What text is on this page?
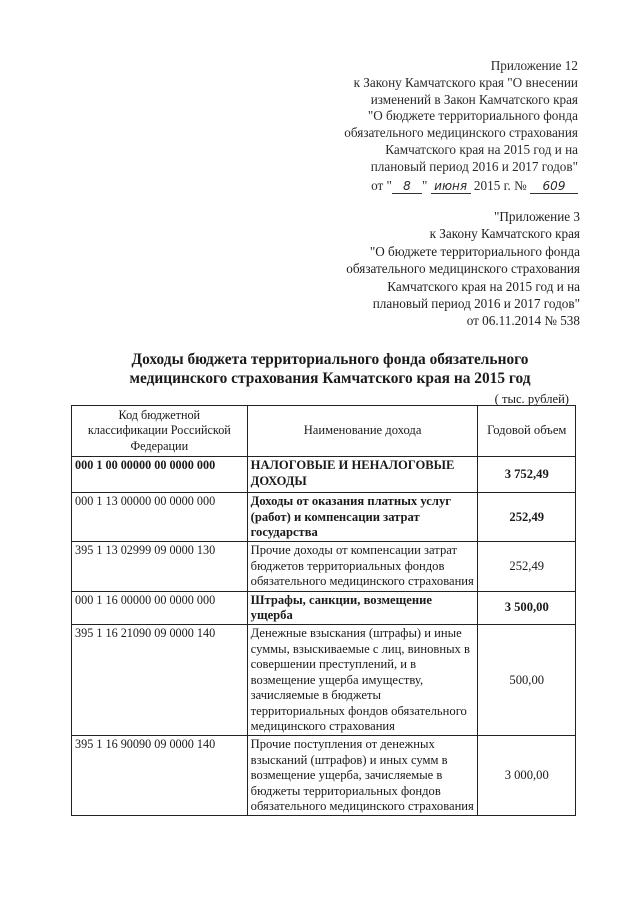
Приложение 12
к Закону Камчатского края "О внесении
изменений в Закон Камчатского края
"О бюджете территориального фонда
обязательного медицинского страхования
Камчатского края на 2015 год и на
плановый период 2016 и 2017 годов"
от " 8 " июня 2015 г. № 609
"Приложение 3
к Закону Камчатского края
"О бюджете территориального фонда
обязательного медицинского страхования
Камчатского края на 2015 год и на
плановый период 2016 и 2017 годов"
от 06.11.2014 № 538
Доходы бюджета территориального фонда обязательного
медицинского страхования Камчатского края на 2015 год
( тыс. рублей)
Код бюджетной классификации Российской Федерации	Наименование дохода	Годовой объем
000 1 00 00000 00 0000 000	НАЛОГОВЫЕ И НЕНАЛОГОВЫЕ ДОХОДЫ	3 752,49
000 1 13 00000 00 0000 000	Доходы от оказания платных услуг (работ) и компенсации затрат государства	252,49
395 1 13 02999 09 0000 130	Прочие доходы от компенсации затрат бюджетов территориальных фондов обязательного медицинского страхования	252,49
000 1 16 00000 00 0000 000	Штрафы, санкции, возмещение ущерба	3 500,00
395 1 16 21090 09 0000 140	Денежные взыскания (штрафы) и иные суммы, взыскиваемые с лиц, виновных в совершении преступлений, и в возмещение ущерба имуществу, зачисляемые в бюджеты территориальных фондов обязательного медицинского страхования	500,00
395 1 16 90090 09 0000 140	Прочие поступления от денежных взысканий (штрафов) и иных сумм в возмещение ущерба, зачисляемые в бюджеты территориальных фондов обязательного медицинского страхования	3 000,00
